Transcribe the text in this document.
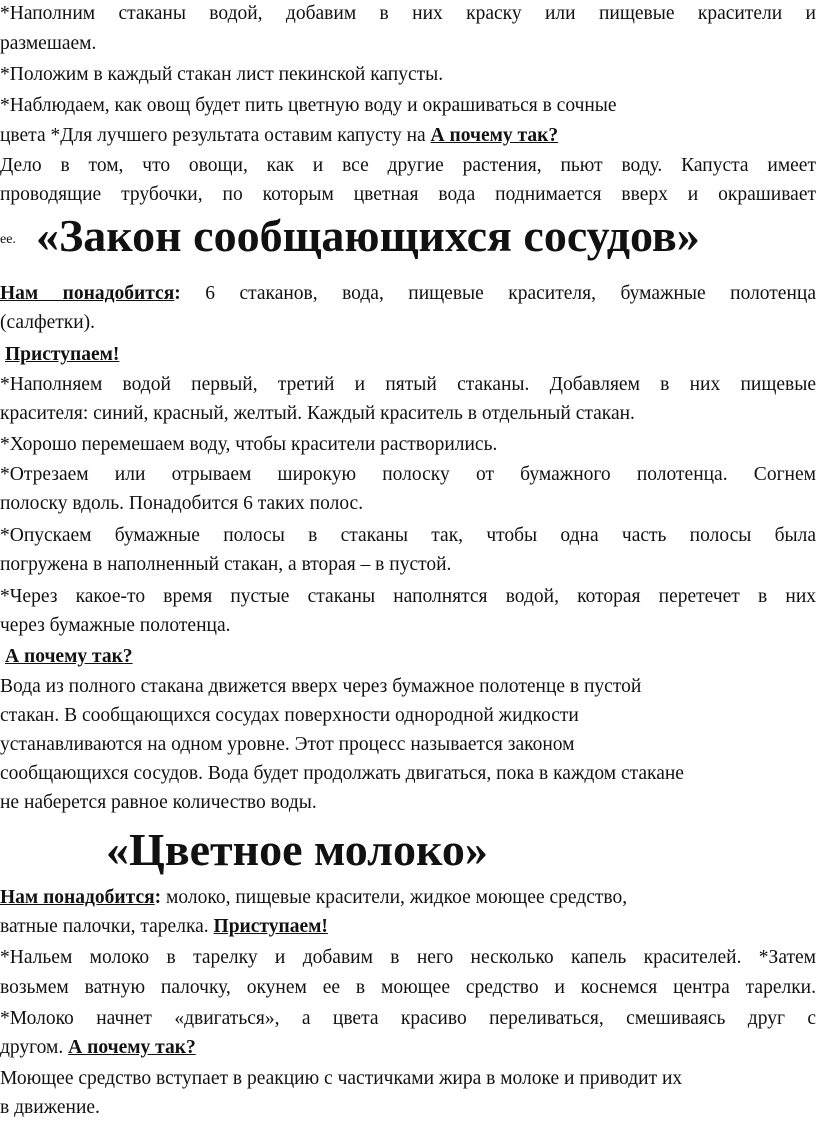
*Наполним стаканы водой, добавим в них краску или пищевые красители и
размешаем.
*Положим в каждый стакан лист пекинской капусты.
*Наблюдаем, как овощ будет пить цветную воду и окрашиваться в сочные
цвета *Для лучшего результата оставим капусту на А почему так?
Дело в том, что овощи, как и все другие растения, пьют воду. Капуста имеет
проводящие трубочки, по которым цветная вода поднимается вверх и окрашивает
ее. «Закон сообщающихся сосудов»
Нам понадобится: 6 стаканов, вода, пищевые красителя, бумажные полотенца
(салфетки).
Приступаем!
*Наполняем водой первый, третий и пятый стаканы. Добавляем в них пищевые
красителя: синий, красный, желтый. Каждый краситель в отдельный стакан.
*Хорошо перемешаем воду, чтобы красители растворились.
*Отрезаем или отрываем широкую полоску от бумажного полотенца. Согнем
полоску вдоль. Понадобится 6 таких полос.
*Опускаем бумажные полосы в стаканы так, чтобы одна часть полосы была
погружена в наполненный стакан, а вторая – в пустой.
*Через какое-то время пустые стаканы наполнятся водой, которая перетечет в них
через бумажные полотенца.
А почему так?
Вода из полного стакана движется вверх через бумажное полотенце в пустой
стакан. В сообщающихся сосудах поверхности однородной жидкости
устанавливаются на одном уровне. Этот процесс называется законом
сообщающихся сосудов. Вода будет продолжать двигаться, пока в каждом стакане
не наберется равное количество воды.
«Цветное молоко»
Нам понадобится: молоко, пищевые красители, жидкое моющее средство,
ватные палочки, тарелка. Приступаем!
*Нальем молоко в тарелку и добавим в него несколько капель красителей. *Затем
возьмем ватную палочку, окунем ее в моющее средство и коснемся центра тарелки.
*Молоко начнет «двигаться», а цвета красиво переливаться, смешиваясь друг с
другом. А почему так?
Моющее средство вступает в реакцию с частичками жира в молоке и приводит их
в движение.
